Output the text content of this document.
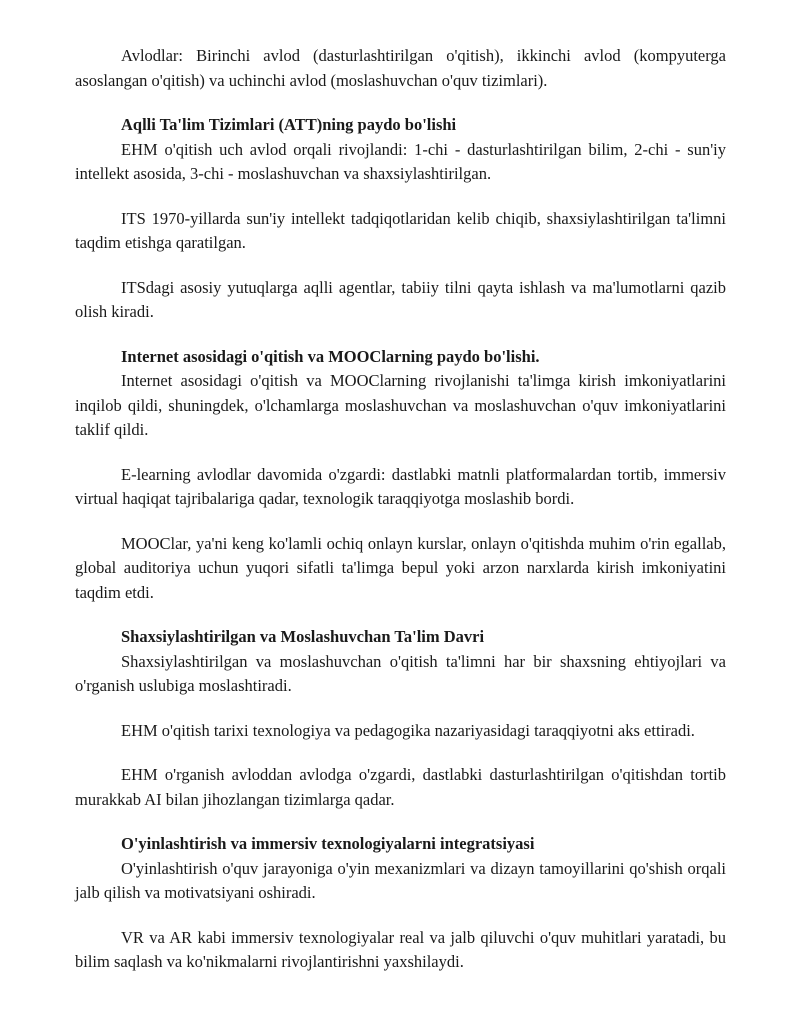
Avlodlar: Birinchi avlod (dasturlashtirilgan o'qitish), ikkinchi avlod (kompyuterga asoslangan o'qitish) va uchinchi avlod (moslashuvchan o'quv tizimlari).

Aqlli Ta'lim Tizimlari (ATT)ning paydo bo'lishi

EHM o'qitish uch avlod orqali rivojlandi: 1-chi - dasturlashtirilgan bilim, 2-chi - sun'iy intellekt asosida, 3-chi - moslashuvchan va shaxsiylashtirilgan.

ITS 1970-yillarda sun'iy intellekt tadqiqotlaridan kelib chiqib, shaxsiylashtirilgan ta'limni taqdim etishga qaratilgan.

ITSdagi asosiy yutuqlarga aqlli agentlar, tabiiy tilni qayta ishlash va ma'lumotlarni qazib olish kiradi.

Internet asosidagi o'qitish va MOOClarning paydo bo'lishi.

Internet asosidagi o'qitish va MOOClarning rivojlanishi ta'limga kirish imkoniyatlarini inqilob qildi, shuningdek, o'lchamlarga moslashuvchan va moslashuvchan o'quv imkoniyatlarini taklif qildi.

E-learning avlodlar davomida o'zgardi: dastlabki matnli platformalardan tortib, immersiv virtual haqiqat tajribalariga qadar, texnologik taraqqiyotga moslashib bordi.

MOOClar, ya'ni keng ko'lamli ochiq onlayn kurslar, onlayn o'qitishda muhim o'rin egallab, global auditoriya uchun yuqori sifatli ta'limga bepul yoki arzon narxlarda kirish imkoniyatini taqdim etdi.

Shaxsiylashtirilgan va Moslashuvchan Ta'lim Davri

Shaxsiylashtirilgan va moslashuvchan o'qitish ta'limni har bir shaxsning ehtiyojlari va o'rganish uslubiga moslashtiradi.

EHM o'qitish tarixi texnologiya va pedagogika nazariyasidagi taraqqiyotni aks ettiradi.

EHM o'rganish avloddan avlodga o'zgardi, dastlabki dasturlashtirilgan o'qitishdan tortib murakkab AI bilan jihozlangan tizimlarga qadar.

O'yinlashtirish va immersiv texnologiyalarni integratsiyasi

O'yinlashtirish o'quv jarayoniga o'yin mexanizmlari va dizayn tamoyillarini qo'shish orqali jalb qilish va motivatsiyani oshiradi.

VR va AR kabi immersiv texnologiyalar real va jalb qiluvchi o'quv muhitlari yaratadi, bu bilim saqlash va ko'nikmalarni rivojlantirishni yaxshilaydi.
